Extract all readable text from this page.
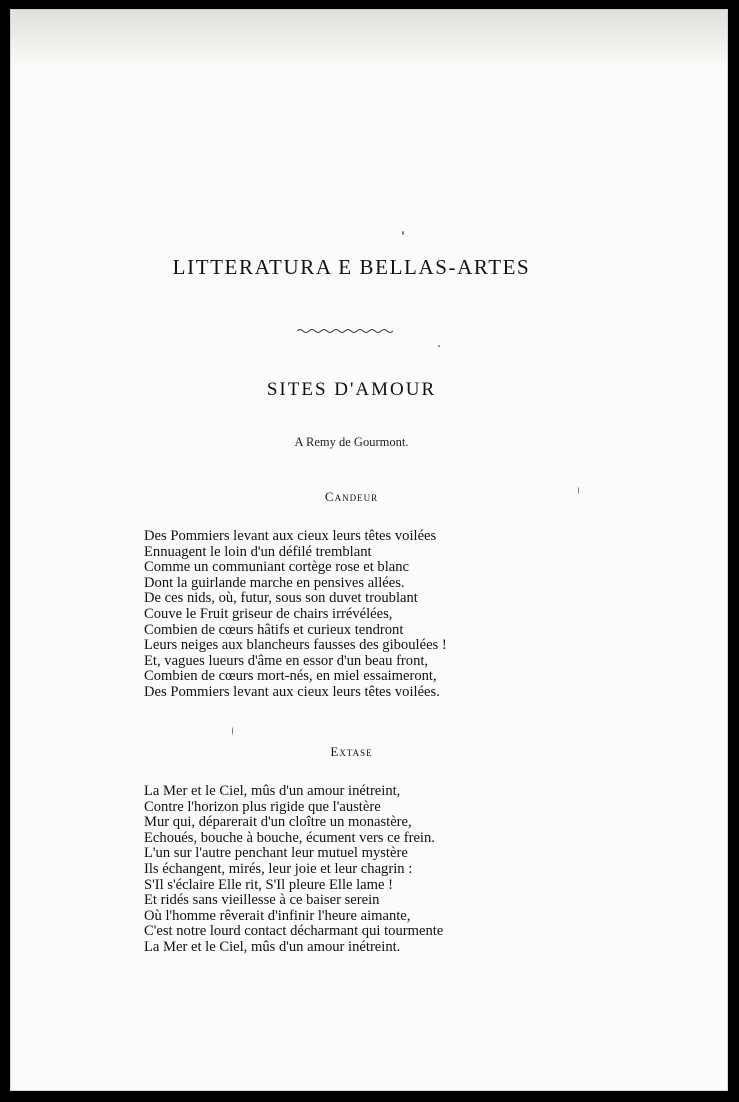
LITTERATURA E BELLAS-ARTES
SITES D'AMOUR
A Remy de Gourmont.
Candeur
Des Pommiers levant aux cieux leurs têtes voilées
Ennuagent le loin d'un défilé tremblant
Comme un communiant cortège rose et blanc
Dont la guirlande marche en pensives allées.
De ces nids, où, futur, sous son duvet troublant
Couve le Fruit griseur de chairs irrévélées,
Combien de cœurs hâtifs et curieux tendront
Leurs neiges aux blancheurs fausses des giboulées !
Et, vagues lueurs d'âme en essor d'un beau front,
Combien de cœurs mort-nés, en miel essaimeront,
Des Pommiers levant aux cieux leurs têtes voilées.
Extase
La Mer et le Ciel, mûs d'un amour inétreint,
Contre l'horizon plus rigide que l'austère
Mur qui, déparerait d'un cloître un monastère,
Echoués, bouche à bouche, écument vers ce frein.
L'un sur l'autre penchant leur mutuel mystère
Ils échangent, mirés, leur joie et leur chagrin :
S'Il s'éclaire Elle rit, S'Il pleure Elle lame !
Et ridés sans vieillesse à ce baiser serein
Où l'homme rêverait d'infinir l'heure aimante,
C'est notre lourd contact décharmant qui tourmente
La Mer et le Ciel, mûs d'un amour inétreint.
